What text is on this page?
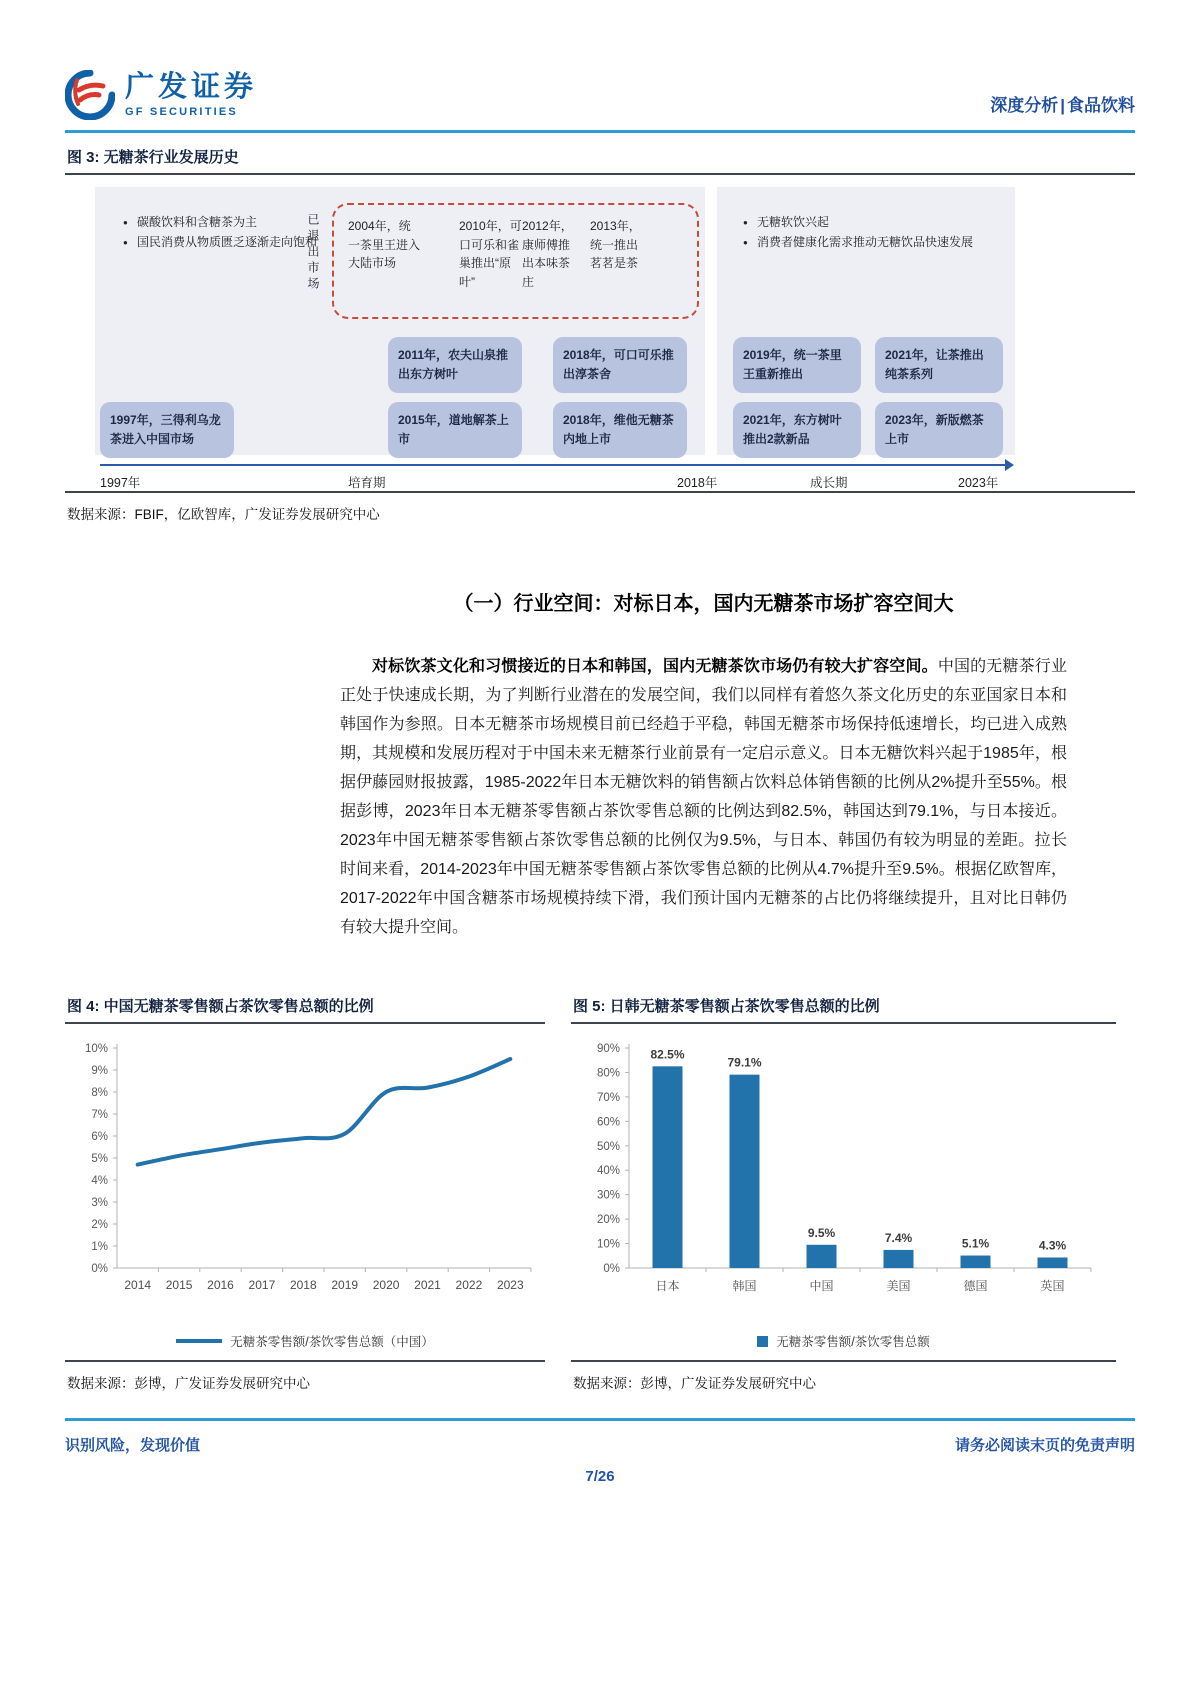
广发证券
GF SECURITIES	深度分析 | 食品饮料
图 3: 无糖茶行业发展历史
● 碳酸饮料和含糖茶为主
● 国民消费从物质匮乏逐渐走向饱和
已退出市场 2004年，统一茶里王进入大陆市场
2010年，可口可乐和雀巢推出“原叶”
2012年，康师傅推出本味茶庄
2013年，统一推出茗茗是茶
● 无糖软饮兴起
● 消费者健康化需求推动无糖饮品快速发展
1997年，三得利乌龙茶进入中国市场
2011年，农夫山泉推出东方树叶
2015年，道地解茶上市
2018年，可口可乐推出淳茶舍
2018年，维他无糖茶内地上市
2019年，统一茶里王重新推出
2021年，让茶推出纯茶系列
2021年，东方树叶推出2款新品
2023年，新版燃茶上市
1997年	培育期	2018年	成长期	2023年
数据来源：FBIF，亿欧智库，广发证券发展研究中心
（一）行业空间：对标日本，国内无糖茶市场扩容空间大

对标饮茶文化和习惯接近的日本和韩国，国内无糖茶饮市场仍有较大扩容空间。中国的无糖茶行业正处于快速成长期，为了判断行业潜在的发展空间，我们以同样有着悠久茶文化历史的东亚国家日本和韩国作为参照。日本无糖茶市场规模目前已经趋于平稳，韩国无糖茶市场保持低速增长，均已进入成熟期，其规模和发展历程对于中国未来无糖茶行业前景有一定启示意义。日本无糖饮料兴起于1985年，根据伊藤园财报披露，1985-2022年日本无糖饮料的销售额占饮料总体销售额的比例从2%提升至55%。根据彭博，2023年日本无糖茶零售额占茶饮零售总额的比例达到82.5%，韩国达到79.1%，与日本接近。2023年中国无糖茶零售额占茶饮零售总额的比例仅为9.5%，与日本、韩国仍有较为明显的差距。拉长时间来看，2014-2023年中国无糖茶零售额占茶饮零售总额的比例从4.7%提升至9.5%。根据亿欧智库，2017-2022年中国含糖茶市场规模持续下滑，我们预计国内无糖茶的占比仍将继续提升，且对比日韩仍有较大提升空间。

图 4: 中国无糖茶零售额占茶饮零售总额的比例
0%
1%
2%
3%
4%
5%
6%
7%
8%
9%
10%
2014 2015 2016 2017 2018 2019 2020 2021 2022 2023
无糖茶零售额/茶饮零售总额（中国）
数据来源：彭博，广发证券发展研究中心
图 5: 日韩无糖茶零售额占茶饮零售总额的比例
0%
10%
20%
30%
40%
50%
60%
70%
80%
90%	82.5%
日本
79.1%
韩国
9.5%
中国
7.4%
美国
5.1%
德国
4.3%
英国
无糖茶零售额/茶饮零售总额
数据来源：彭博，广发证券发展研究中心
识别风险，发现价值	请务必阅读末页的免责声明
7/26
